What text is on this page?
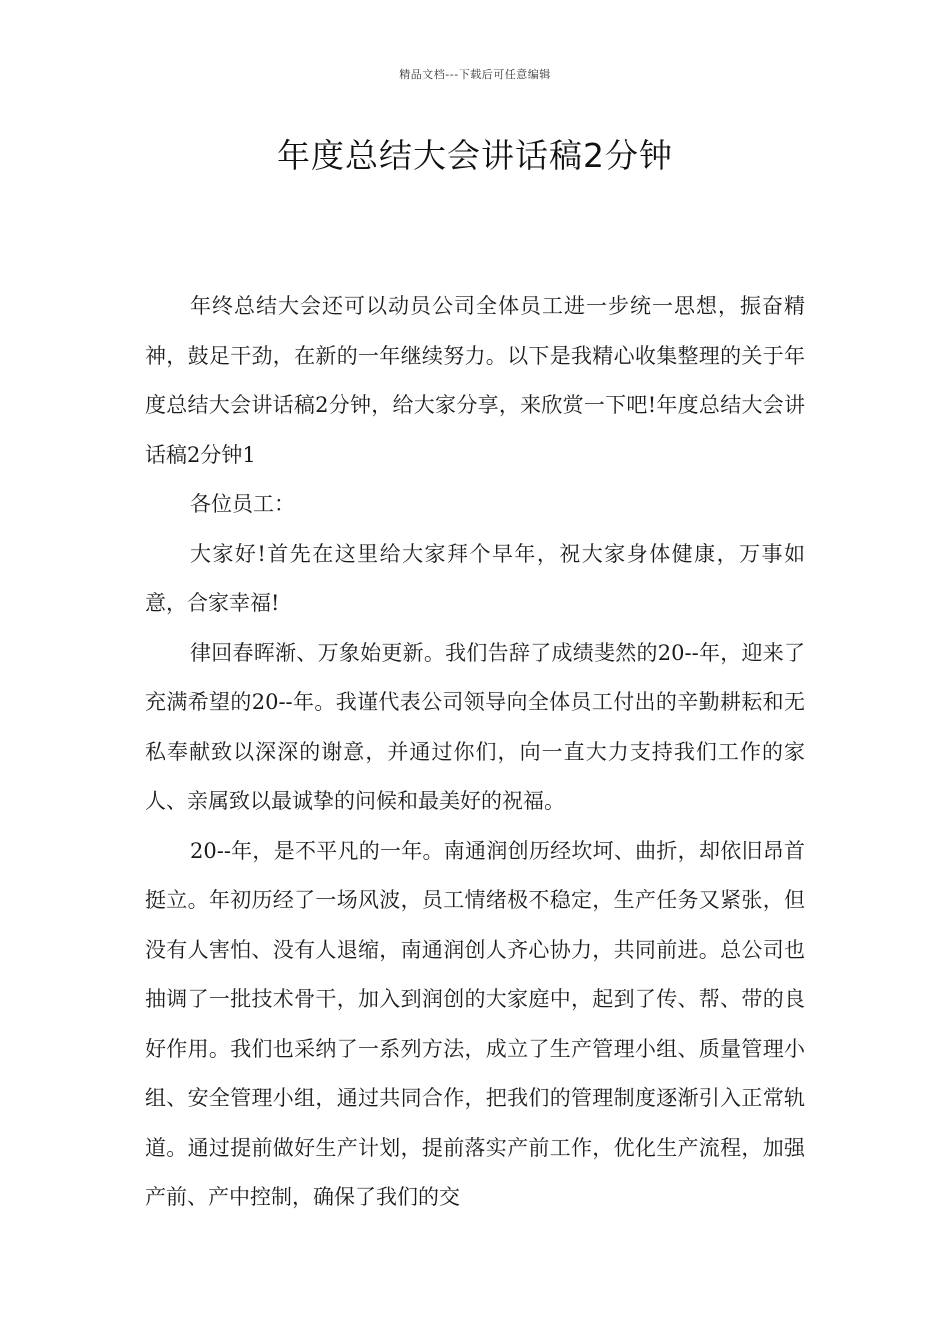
精品文档---下载后可任意编辑
年度总结大会讲话稿2分钟

年终总结大会还可以动员公司全体员工进一步统一思想，振奋精神，鼓足干劲，在新的一年继续努力。以下是我精心收集整理的关于年度总结大会讲话稿2分钟，给大家分享，来欣赏一下吧!年度总结大会讲话稿2分钟1

各位员工：

大家好!首先在这里给大家拜个早年，祝大家身体健康，万事如意，合家幸福!

律回春晖渐、万象始更新。我们告辞了成绩斐然的20--年，迎来了充满希望的20--年。我谨代表公司领导向全体员工付出的辛勤耕耘和无私奉献致以深深的谢意，并通过你们，向一直大力支持我们工作的家人、亲属致以最诚挚的问候和最美好的祝福。

20--年，是不平凡的一年。南通润创历经坎坷、曲折，却依旧昂首挺立。年初历经了一场风波，员工情绪极不稳定，生产任务又紧张，但没有人害怕、没有人退缩，南通润创人齐心协力，共同前进。总公司也抽调了一批技术骨干，加入到润创的大家庭中，起到了传、帮、带的良好作用。我们也采纳了一系列方法，成立了生产管理小组、质量管理小组、安全管理小组，通过共同合作，把我们的管理制度逐渐引入正常轨道。通过提前做好生产计划，提前落实产前工作，优化生产流程，加强产前、产中控制，确保了我们的交
